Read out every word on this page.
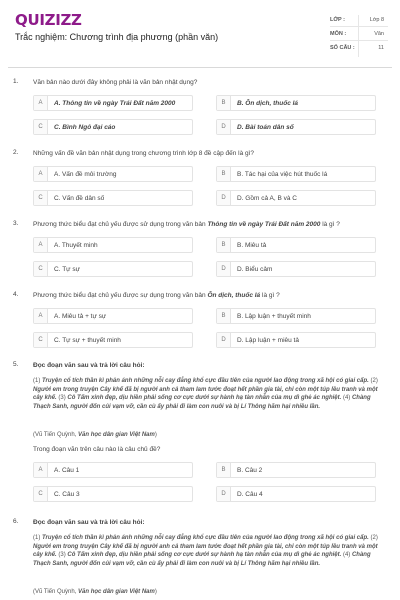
QUIZIZZ
Trắc nghiệm: Chương trình địa phương (phần văn)
LỚP :	Lớp 8
MÔN :	Văn
SỐ CÂU :	11
1. Văn bản nào dưới đây không phải là văn bản nhật dụng?
A	A. Thông tin về ngày Trái Đất năm 2000	B	B. Ôn dịch, thuốc lá
C	C. Bình Ngô đại cáo	D	D. Bài toán dân số
2. Những vấn đề văn bản nhật dụng trong chương trình lớp 8 đề cập đến là gì?
A	A. Vấn đề môi trường	B	B. Tác hại của việc hút thuốc lá
C	C. Vấn đề dân số	D	D. Gồm cả A, B và C
3. Phương thức biểu đạt chủ yếu được sử dụng trong văn bản Thông tin về ngày Trái Đất năm 2000 là gì ?
A	A. Thuyết minh	B	B. Miêu tả
C	C. Tự sự	D	D. Biểu cảm
4. Phương thức biểu đạt chủ yếu được sự dụng trong văn bản Ôn dịch, thuốc lá là gì ?
A	A. Miêu tả + tự sự	B	B. Lập luận + thuyết minh
C	C. Tự sự + thuyết minh	D	D. Lập luận + miêu tả
5. Đọc đoạn văn sau và trả lời câu hỏi:
(1) Truyện cổ tích thần kì phản ánh những nỗi cay đắng khổ cực đầu tiên của người lao động trong xã hội có giai cấp. (2) Người em trong truyện Cây khế đã bị người anh cả tham lam tước đoạt hết phần gia tài, chỉ còn một túp lều tranh và một cây khế. (3) Cô Tấm xinh đẹp, dịu hiền phải sống cơ cực dưới sự hành hạ tàn nhẫn của mụ dì ghẻ ác nghiệt. (4) Chàng Thạch Sanh, người đốn củi vạm vỡ, cần cù ấy phải đi làm con nuôi và bị Lí Thông hãm hại nhiều lần.
(Vũ Tiến Quỳnh, Văn học dân gian Việt Nam)
Trong đoạn văn trên câu nào là câu chủ đề?
A	A. Câu 1	B	B. Câu 2
C	C. Câu 3	D	D. Câu 4
6. Đọc đoạn văn sau và trả lời câu hỏi:
(1) Truyện cổ tích thần kì phản ánh những nỗi cay đắng khổ cực đầu tiên của người lao động trong xã hội có giai cấp. (2) Người em trong truyện Cây khế đã bị người anh cả tham lam tước đoạt hết phần gia tài, chỉ còn một túp lều tranh và một cây khế. (3) Cô Tấm xinh đẹp, dịu hiền phải sống cơ cực dưới sự hành hạ tàn nhẫn của mụ dì ghẻ ác nghiệt. (4) Chàng Thạch Sanh, người đốn củi vạm vỡ, cần cù ấy phải đi làm con nuôi và bị Lí Thông hãm hại nhiều lần.
(Vũ Tiến Quỳnh, Văn học dân gian Việt Nam)
